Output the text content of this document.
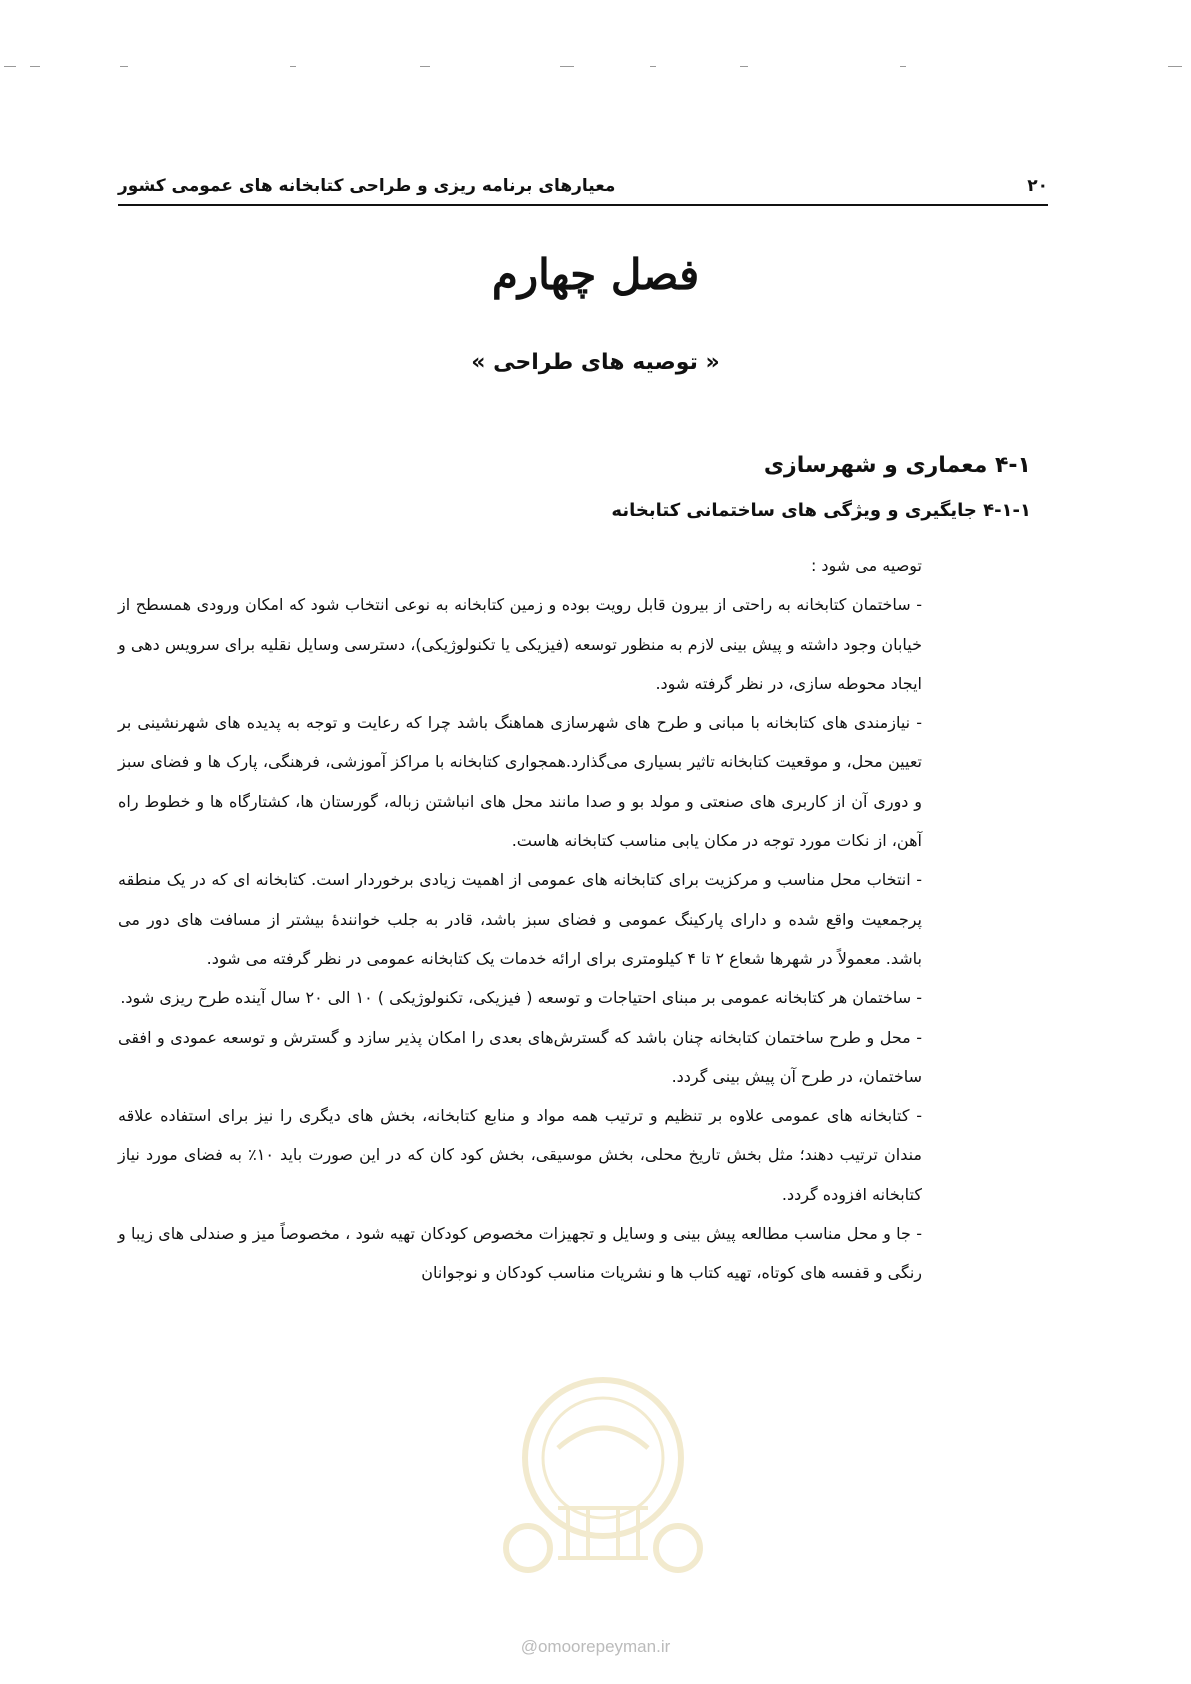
۲۰
معیارهای برنامه ریزی و طراحی کتابخانه های عمومی کشور
فصل چهارم
« توصیه های طراحی »
۴-۱ معماری و شهرسازی
۴-۱-۱ جایگیری و ویژگی های ساختمانی کتابخانه

توصیه می شود :

- ساختمان کتابخانه به راحتی از بیرون قابل رویت بوده و زمین کتابخانه به نوعی انتخاب شود که امکان ورودی همسطح از خیابان وجود داشته و پیش بینی لازم به منظور توسعه (فیزیکی یا تکنولوژیکی)، دسترسی وسایل نقلیه برای سرویس دهی و ایجاد محوطه سازی، در نظر گرفته شود.

- نیازمندی های کتابخانه با مبانی و طرح های شهرسازی هماهنگ باشد چرا که رعایت و توجه به پدیده های شهرنشینی بر تعیین محل، و موقعیت کتابخانه تاثیر بسیاری می‌گذارد.همجواری کتابخانه با مراکز آموزشی، فرهنگی، پارک ها و فضای سبز و دوری آن از کاربری های صنعتی و مولد بو و صدا مانند محل های انباشتن زباله، گورستان ها، کشتارگاه ها و خطوط راه آهن، از نکات مورد توجه در مکان یابی مناسب کتابخانه هاست.

- انتخاب محل مناسب و مرکزیت برای کتابخانه های عمومی از اهمیت زیادی برخوردار است. کتابخانه ای که در یک منطقه پرجمعیت واقع شده و دارای پارکینگ عمومی و فضای سبز باشد، قادر به جلب خوانندهٔ بیشتر از مسافت های دور می باشد. معمولاً در شهرها شعاع ۲ تا ۴ کیلومتری برای ارائه خدمات یک کتابخانه عمومی در نظر گرفته می شود.

- ساختمان هر کتابخانه عمومی بر مبنای احتیاجات و توسعه ( فیزیکی، تکنولوژیکی ) ۱۰ الی ۲۰ سال آینده طرح ریزی شود.

- محل و طرح ساختمان کتابخانه چنان باشد که گسترش‌های بعدی را امکان پذیر سازد و گسترش و توسعه عمودی و افقی ساختمان، در طرح آن پیش بینی گردد.

- کتابخانه های عمومی علاوه بر تنظیم و ترتیب همه مواد و منابع کتابخانه، بخش های دیگری را نیز برای استفاده علاقه مندان ترتیب دهند؛ مثل بخش تاریخ محلی، بخش موسیقی، بخش کود کان که در این صورت باید ۱۰٪ به فضای مورد نیاز کتابخانه افزوده گردد.

- جا و محل مناسب مطالعه پیش بینی و وسایل و تجهیزات مخصوص کودکان تهیه شود ، مخصوصاً میز و صندلی های زیبا و رنگی و قفسه های کوتاه، تهیه کتاب ها و نشریات مناسب کودکان و نوجوانان

@omoorepeyman.ir
